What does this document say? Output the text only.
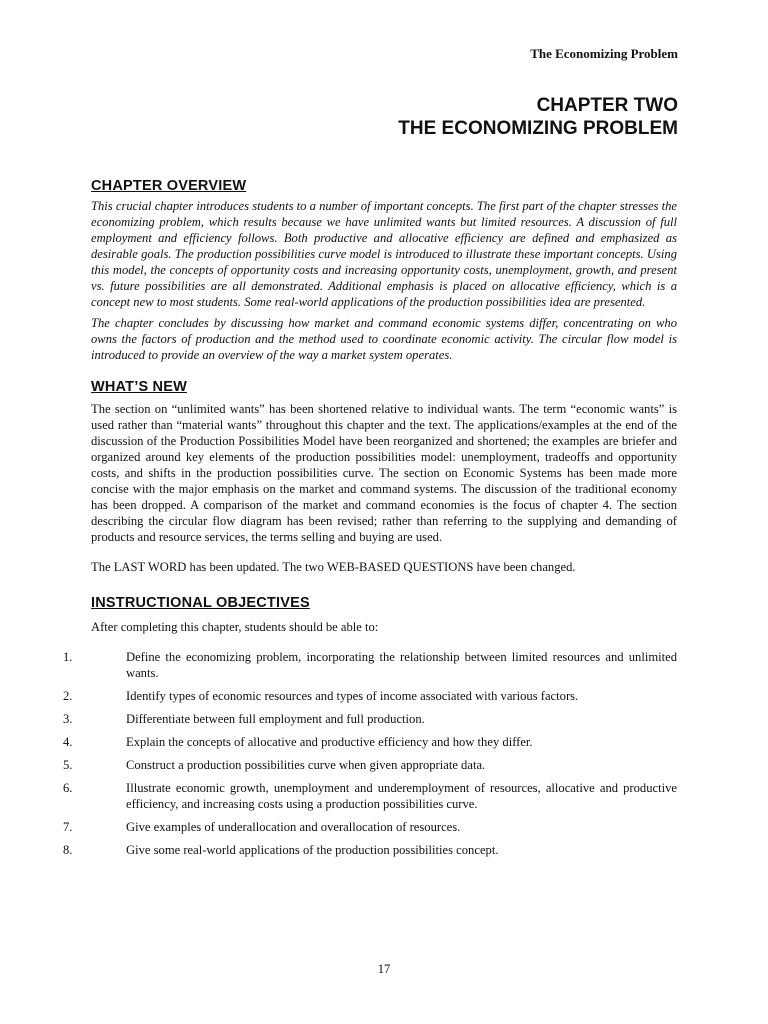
The Economizing Problem
CHAPTER TWO
THE ECONOMIZING PROBLEM
CHAPTER OVERVIEW

This crucial chapter introduces students to a number of important concepts. The first part of the chapter stresses the economizing problem, which results because we have unlimited wants but limited resources. A discussion of full employment and efficiency follows. Both productive and allocative efficiency are defined and emphasized as desirable goals. The production possibilities curve model is introduced to illustrate these important concepts. Using this model, the concepts of opportunity costs and increasing opportunity costs, unemployment, growth, and present vs. future possibilities are all demonstrated. Additional emphasis is placed on allocative efficiency, which is a concept new to most students. Some real-world applications of the production possibilities idea are presented.

The chapter concludes by discussing how market and command economic systems differ, concentrating on who owns the factors of production and the method used to coordinate economic activity. The circular flow model is introduced to provide an overview of the way a market system operates.

WHAT’S NEW

The section on “unlimited wants” has been shortened relative to individual wants. The term “economic wants” is used rather than “material wants” throughout this chapter and the text. The applications/examples at the end of the discussion of the Production Possibilities Model have been reorganized and shortened; the examples are briefer and organized around key elements of the production possibilities model: unemployment, tradeoffs and opportunity costs, and shifts in the production possibilities curve. The section on Economic Systems has been made more concise with the major emphasis on the market and command systems. The discussion of the traditional economy has been dropped. A comparison of the market and command economies is the focus of chapter 4. The section describing the circular flow diagram has been revised; rather than referring to the supplying and demanding of products and resource services, the terms selling and buying are used.

The LAST WORD has been updated. The two WEB-BASED QUESTIONS have been changed.

INSTRUCTIONAL OBJECTIVES

After completing this chapter, students should be able to:

1.	Define the economizing problem, incorporating the relationship between limited resources and unlimited wants.
2.	Identify types of economic resources and types of income associated with various factors.
3.	Differentiate between full employment and full production.
4.	Explain the concepts of allocative and productive efficiency and how they differ.
5.	Construct a production possibilities curve when given appropriate data.
6.	Illustrate economic growth, unemployment and underemployment of resources, allocative and productive efficiency, and increasing costs using a production possibilities curve.
7.	Give examples of underallocation and overallocation of resources.
8.	Give some real-world applications of the production possibilities concept.
17
